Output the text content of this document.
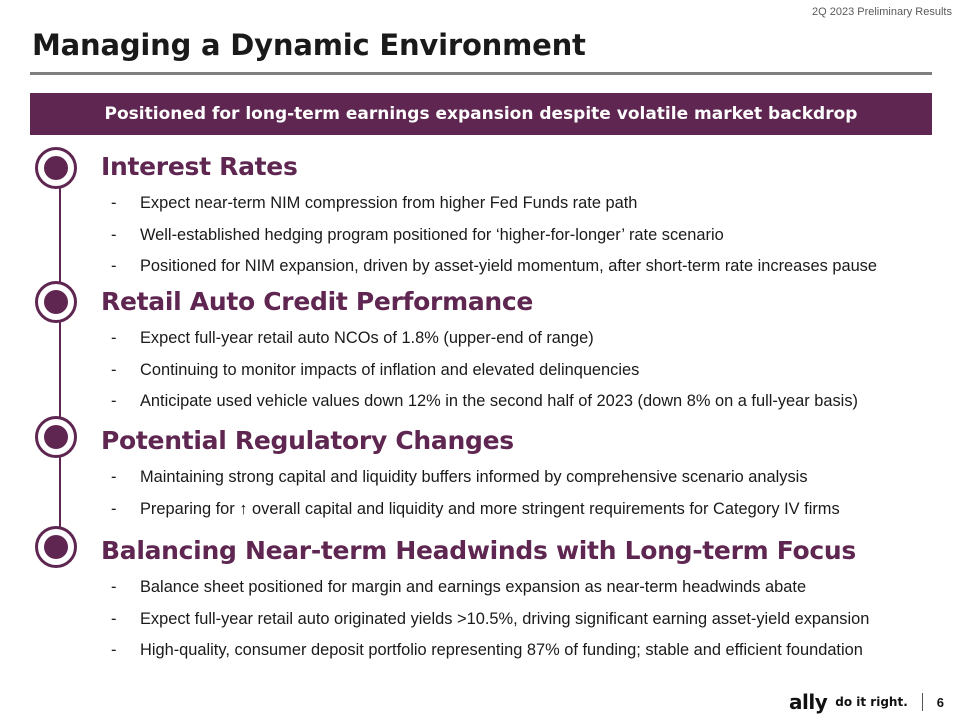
2Q 2023 Preliminary Results
Managing a Dynamic Environment
Positioned for long-term earnings expansion despite volatile market backdrop
Interest Rates
- Expect near-term NIM compression from higher Fed Funds rate path
- Well-established hedging program positioned for ‘higher-for-longer’ rate scenario
- Positioned for NIM expansion, driven by asset-yield momentum, after short-term rate increases pause
Retail Auto Credit Performance
- Expect full-year retail auto NCOs of 1.8% (upper-end of range)
- Continuing to monitor impacts of inflation and elevated delinquencies
- Anticipate used vehicle values down 12% in the second half of 2023 (down 8% on a full-year basis)
Potential Regulatory Changes
- Maintaining strong capital and liquidity buffers informed by comprehensive scenario analysis
- Preparing for ↑ overall capital and liquidity and more stringent requirements for Category IV firms
Balancing Near-term Headwinds with Long-term Focus
- Balance sheet positioned for margin and earnings expansion as near-term headwinds abate
- Expect full-year retail auto originated yields >10.5%, driving significant earning asset-yield expansion
- High-quality, consumer deposit portfolio representing 87% of funding; stable and efficient foundation
ally do it right. 6
